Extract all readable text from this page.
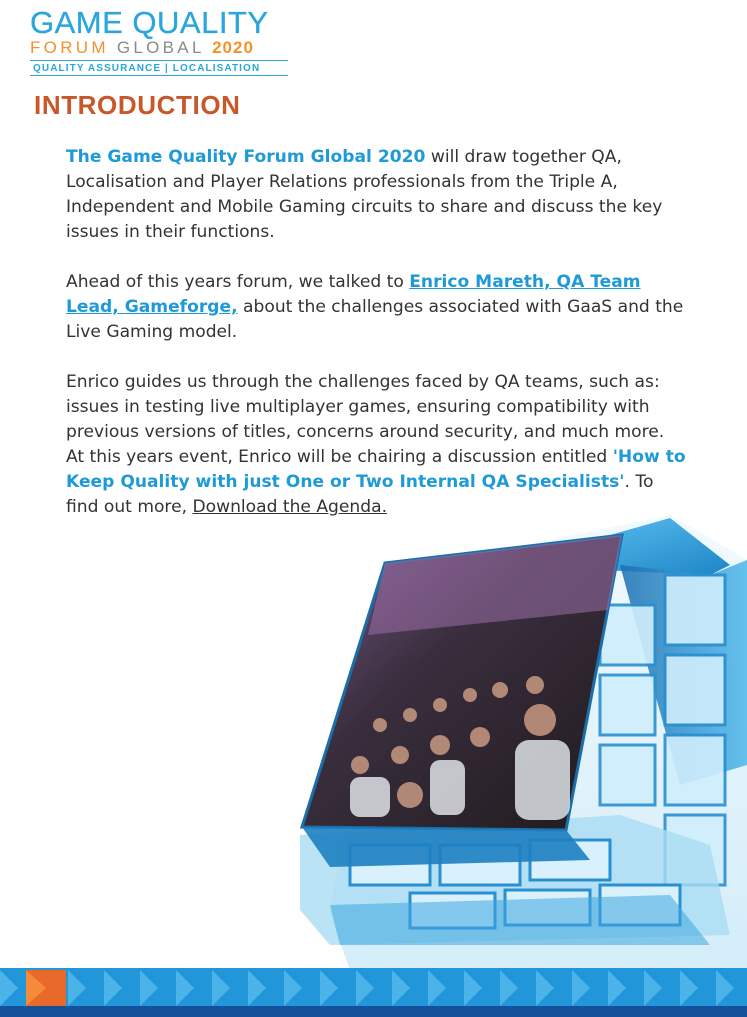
GAME QUALITY
FORUM GLOBAL 2020
QUALITY ASSURANCE | LOCALISATION
INTRODUCTION

The Game Quality Forum Global 2020 will draw together QA, Localisation and Player Relations professionals from the Triple A, Independent and Mobile Gaming circuits to share and discuss the key issues in their functions.

Ahead of this years forum, we talked to Enrico Mareth, QA Team Lead, Gameforge, about the challenges associated with GaaS and the Live Gaming model.

Enrico guides us through the challenges faced by QA teams, such as: issues in testing live multiplayer games, ensuring compatibility with previous versions of titles, concerns around security, and much more. At this years event, Enrico will be chairing a discussion entitled 'How to Keep Quality with just One or Two Internal QA Specialists'. To find out more, Download the Agenda.
